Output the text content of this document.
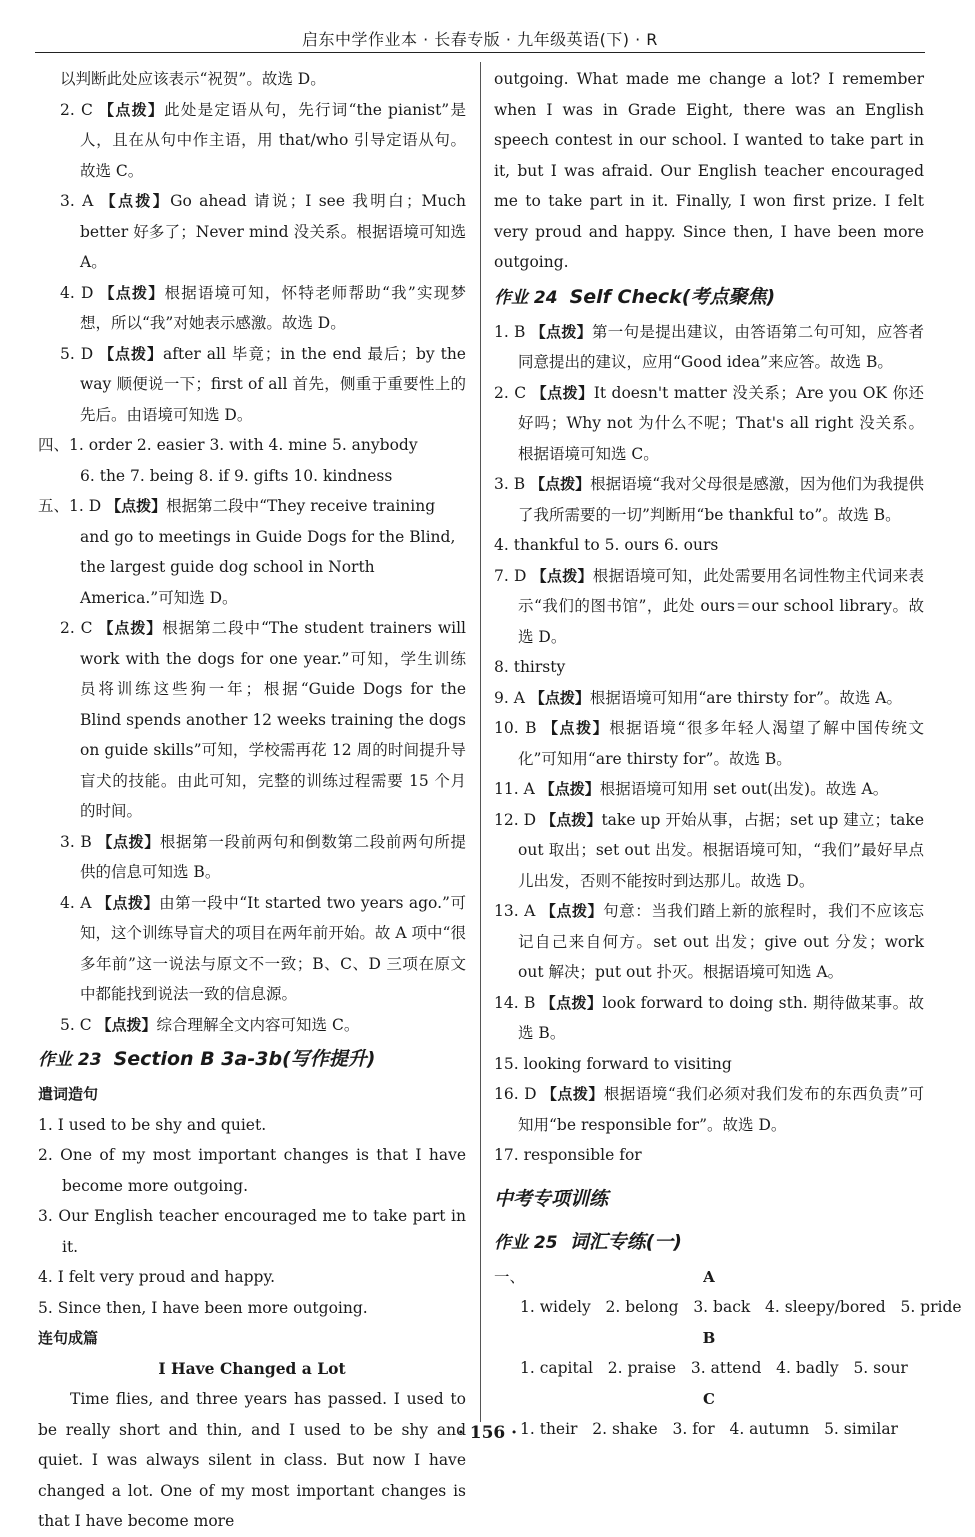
启东中学作业本 · 长春专版 · 九年级英语(下) · R
以判断此处应该表示“祝贺”。故选 D。
2. C 【点拨】此处是定语从句，先行词“the pianist”是人，且在从句中作主语，用 that/who 引导定语从句。故选 C。
3. A 【点拨】Go ahead 请说；I see 我明白；Much better 好多了；Never mind 没关系。根据语境可知选 A。
4. D 【点拨】根据语境可知，怀特老师帮助“我”实现梦想，所以“我”对她表示感激。故选 D。
5. D 【点拨】after all 毕竟；in the end 最后；by the way 顺便说一下；first of all 首先，侧重于重要性上的先后。由语境可知选 D。
四、1. order 2. easier 3. with 4. mine 5. anybody
6. the 7. being 8. if 9. gifts 10. kindness
五、1. D 【点拨】根据第二段中“They receive training and go to meetings in Guide Dogs for the Blind, the largest guide dog school in North America.”可知选 D。
2. C 【点拨】根据第二段中“The student trainers will work with the dogs for one year.”可知，学生训练员将训练这些狗一年；根据“Guide Dogs for the Blind spends another 12 weeks training the dogs on guide skills”可知，学校需再花 12 周的时间提升导盲犬的技能。由此可知，完整的训练过程需要 15 个月的时间。
3. B 【点拨】根据第一段前两句和倒数第二段前两句所提供的信息可知选 B。
4. A 【点拨】由第一段中“It started two years ago.”可知，这个训练导盲犬的项目在两年前开始。故 A 项中“很多年前”这一说法与原文不一致；B、C、D 三项在原文中都能找到说法一致的信息源。
5. C 【点拨】综合理解全文内容可知选 C。
作业 23 Section B 3a-3b(写作提升)
遣词造句
1. I used to be shy and quiet.
2. One of my most important changes is that I have become more outgoing.
3. Our English teacher encouraged me to take part in it.
4. I felt very proud and happy.
5. Since then, I have been more outgoing.
连句成篇
I Have Changed a Lot
Time flies, and three years has passed. I used to be really short and thin, and I used to be shy and quiet. I was always silent in class. But now I have changed a lot. One of my most important changes is that I have become more
outgoing. What made me change a lot? I remember when I was in Grade Eight, there was an English speech contest in our school. I wanted to take part in it, but I was afraid. Our English teacher encouraged me to take part in it. Finally, I won first prize. I felt very proud and happy. Since then, I have been more outgoing.
作业 24 Self Check(考点聚焦)
1. B 【点拨】第一句是提出建议，由答语第二句可知，应答者同意提出的建议，应用“Good idea”来应答。故选 B。
2. C 【点拨】It doesn't matter 没关系；Are you OK 你还好吗；Why not 为什么不呢；That's all right 没关系。根据语境可知选 C。
3. B 【点拨】根据语境“我对父母很是感激，因为他们为我提供了我所需要的一切”判断用“be thankful to”。故选 B。
4. thankful to 5. ours 6. ours
7. D 【点拨】根据语境可知，此处需要用名词性物主代词来表示“我们的图书馆”，此处 ours＝our school library。故选 D。
8. thirsty
9. A 【点拨】根据语境可知用“are thirsty for”。故选 A。
10. B 【点拨】根据语境“很多年轻人渴望了解中国传统文化”可知用“are thirsty for”。故选 B。
11. A 【点拨】根据语境可知用 set out(出发)。故选 A。
12. D 【点拨】take up 开始从事，占据；set up 建立；take out 取出；set out 出发。根据语境可知，“我们”最好早点儿出发，否则不能按时到达那儿。故选 D。
13. A 【点拨】句意：当我们踏上新的旅程时，我们不应该忘记自己来自何方。set out 出发；give out 分发；work out 解决；put out 扑灭。根据语境可知选 A。
14. B 【点拨】look forward to doing sth. 期待做某事。故选 B。
15. looking forward to visiting
16. D 【点拨】根据语境“我们必须对我们发布的东西负责”可知用“be responsible for”。故选 D。
17. responsible for
中考专项训练
作业 25 词汇专练(一)
一、	A
1. widely   2. belong   3. back   4. sleepy/bored   5. pride
B
1. capital   2. praise   3. attend   4. badly   5. sour
C
1. their   2. shake   3. for   4. autumn   5. similar
· 156 ·
